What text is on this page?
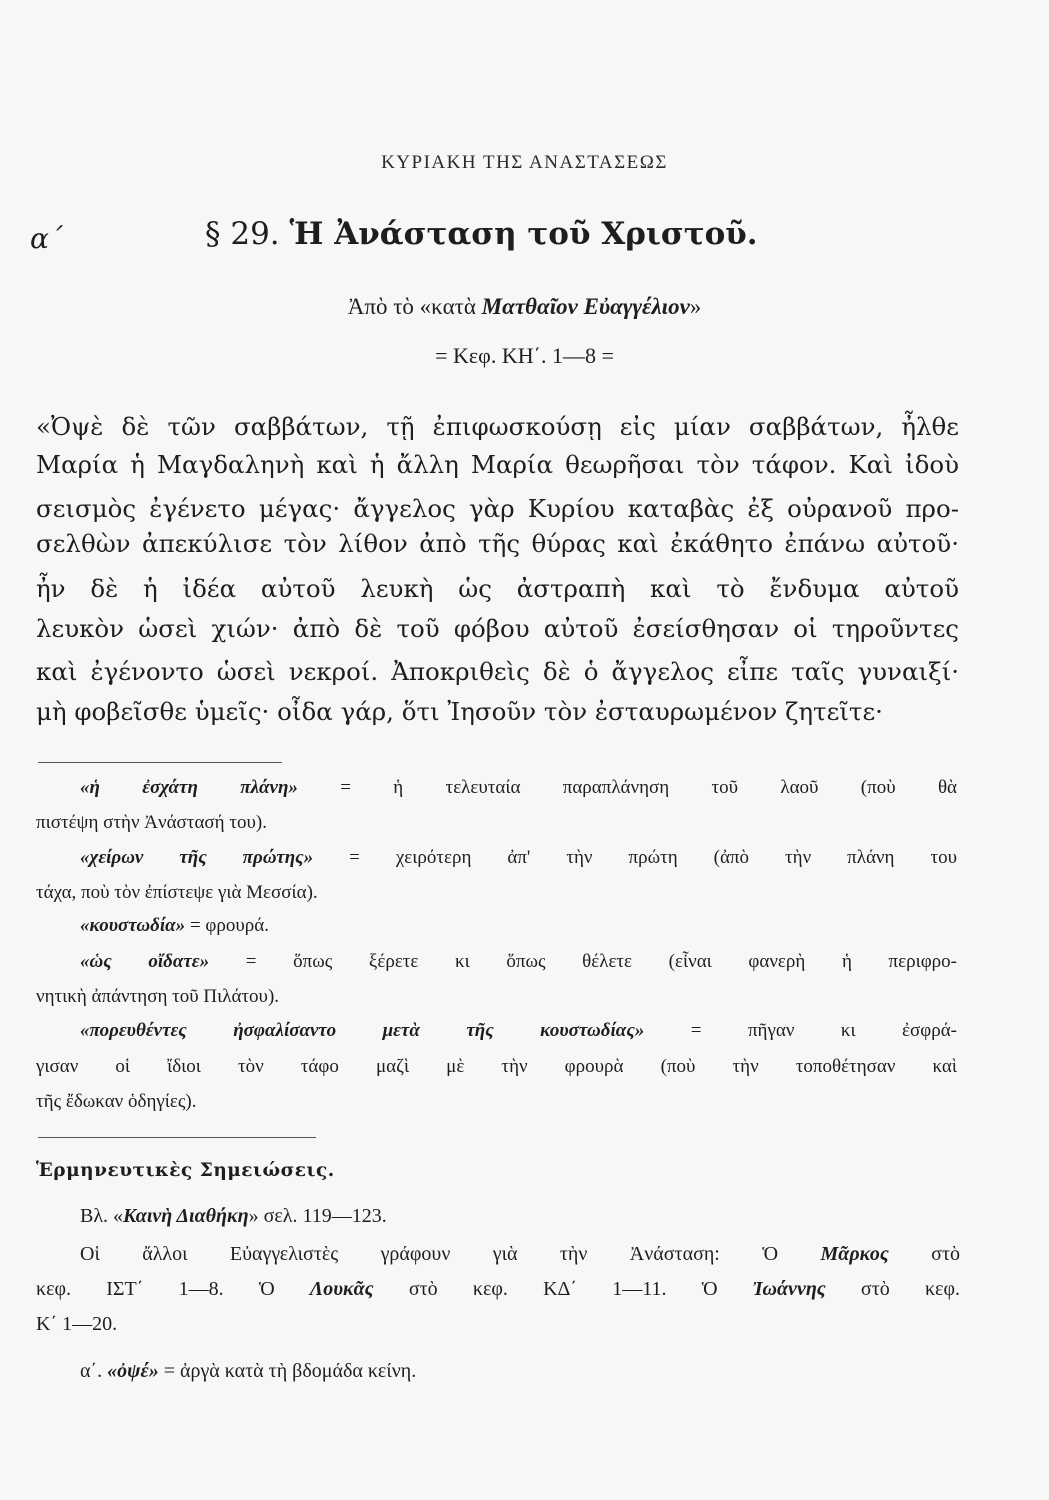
ΚΥΡΙΑΚΗ ΤΗΣ ΑΝΑΣΤΑΣΕΩΣ
α΄	§ 29. Ἡ Ἀνάσταση τοῦ Χριστοῦ.
Ἀπὸ τὸ «κατὰ Ματθαῖον Εὐαγγέλιον»
= Κεφ. ΚΗ΄. 1—8 =
«Ὀψὲ δὲ τῶν σαββάτων, τῇ ἐπιφωσκούσῃ εἰς μίαν σαββάτων, ἦλθε
Μαρία ἡ Μαγδαληνὴ καὶ ἡ ἄλλη Μαρία θεωρῆσαι τὸν τάφον. Καὶ ἰδοὺ
σεισμὸς ἐγένετο μέγας· ἄγγελος γὰρ Κυρίου καταβὰς ἐξ οὐρανοῦ προ-
σελθὼν ἀπεκύλισε τὸν λίθον ἀπὸ τῆς θύρας καὶ ἐκάθητο ἐπάνω αὐτοῦ·
ἦν δὲ ἡ ἰδέα αὐτοῦ λευκὴ ὡς ἀστραπὴ καὶ τὸ ἔνδυμα αὐτοῦ
λευκὸν ὡσεὶ χιών· ἀπὸ δὲ τοῦ φόβου αὐτοῦ ἐσείσθησαν οἱ τηροῦντες
καὶ ἐγένοντο ὡσεὶ νεκροί. Ἀποκριθεὶς δὲ ὁ ἄγγελος εἶπε ταῖς γυναιξί·
μὴ φοβεῖσθε ὑμεῖς· οἶδα γάρ, ὅτι Ἰησοῦν τὸν ἐσταυρωμένον ζητεῖτε·
«ἡ ἐσχάτη πλάνη» = ἡ τελευταία παραπλάνηση τοῦ λαοῦ (ποὺ θὰ
πιστέψη στὴν Ἀνάστασή του).
«χείρων τῆς πρώτης» = χειρότερη ἀπ' τὴν πρώτη (ἀπὸ τὴν πλάνη του
τάχα, ποὺ τὸν ἐπίστεψε γιὰ Μεσσία).
«κουστωδία» = φρουρά.
«ὡς οἴδατε» = ὅπως ξέρετε κι ὅπως θέλετε (εἶναι φανερὴ ἡ περιφρο-
νητικὴ ἀπάντηση τοῦ Πιλάτου).
«πορευθέντες ἠσφαλίσαντο μετὰ τῆς κουστωδίας» = πῆγαν κι ἐσφρά-
γισαν οἱ ἴδιοι τὸν τάφο μαζὶ μὲ τὴν φρουρὰ (ποὺ τὴν τοποθέτησαν καὶ
τῆς ἔδωκαν ὁδηγίες).
Ἑρμηνευτικὲς Σημειώσεις.
Βλ. «Καινὴ Διαθήκη» σελ. 119—123.
Οἱ ἄλλοι Εὐαγγελιστὲς γράφουν γιὰ τὴν Ἀνάσταση: Ὁ Μᾶρκος στὸ
κεφ. ΙΣΤ΄ 1—8. Ὁ Λουκᾶς στὸ κεφ. ΚΔ΄ 1—11. Ὁ Ἰωάννης στὸ κεφ.
Κ΄ 1—20.
α΄. «ὀψέ» = ἀργὰ κατὰ τὴ βδομάδα κείνη.
